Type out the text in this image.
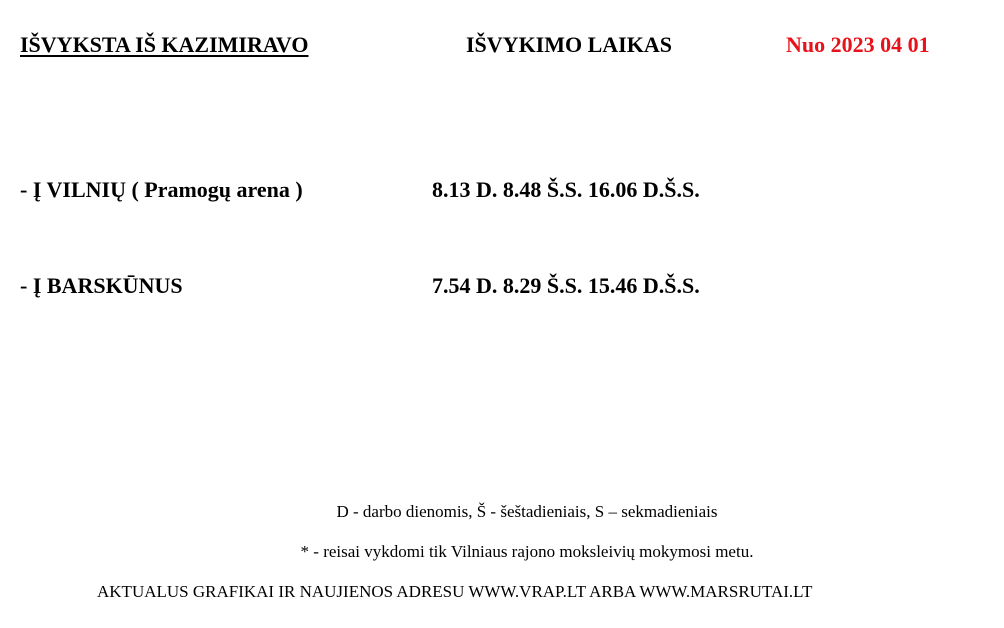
IŠVYKSTA IŠ KAZIMIRAVO	IŠVYKIMO LAIKAS	Nuo 2023 04 01
- Į VILNIŲ ( Pramogų arena )	8.13 D. 8.48 Š.S. 16.06 D.Š.S.
- Į BARSKŪNUS	7.54 D. 8.29 Š.S. 15.46 D.Š.S.
D - darbo dienomis, Š - šeštadieniais, S – sekmadieniais
* - reisai vykdomi tik Vilniaus rajono moksleivių mokymosi metu.
AKTUALUS GRAFIKAI IR NAUJIENOS ADRESU WWW.VRAP.LT ARBA WWW.MARSRUTAI.LT
